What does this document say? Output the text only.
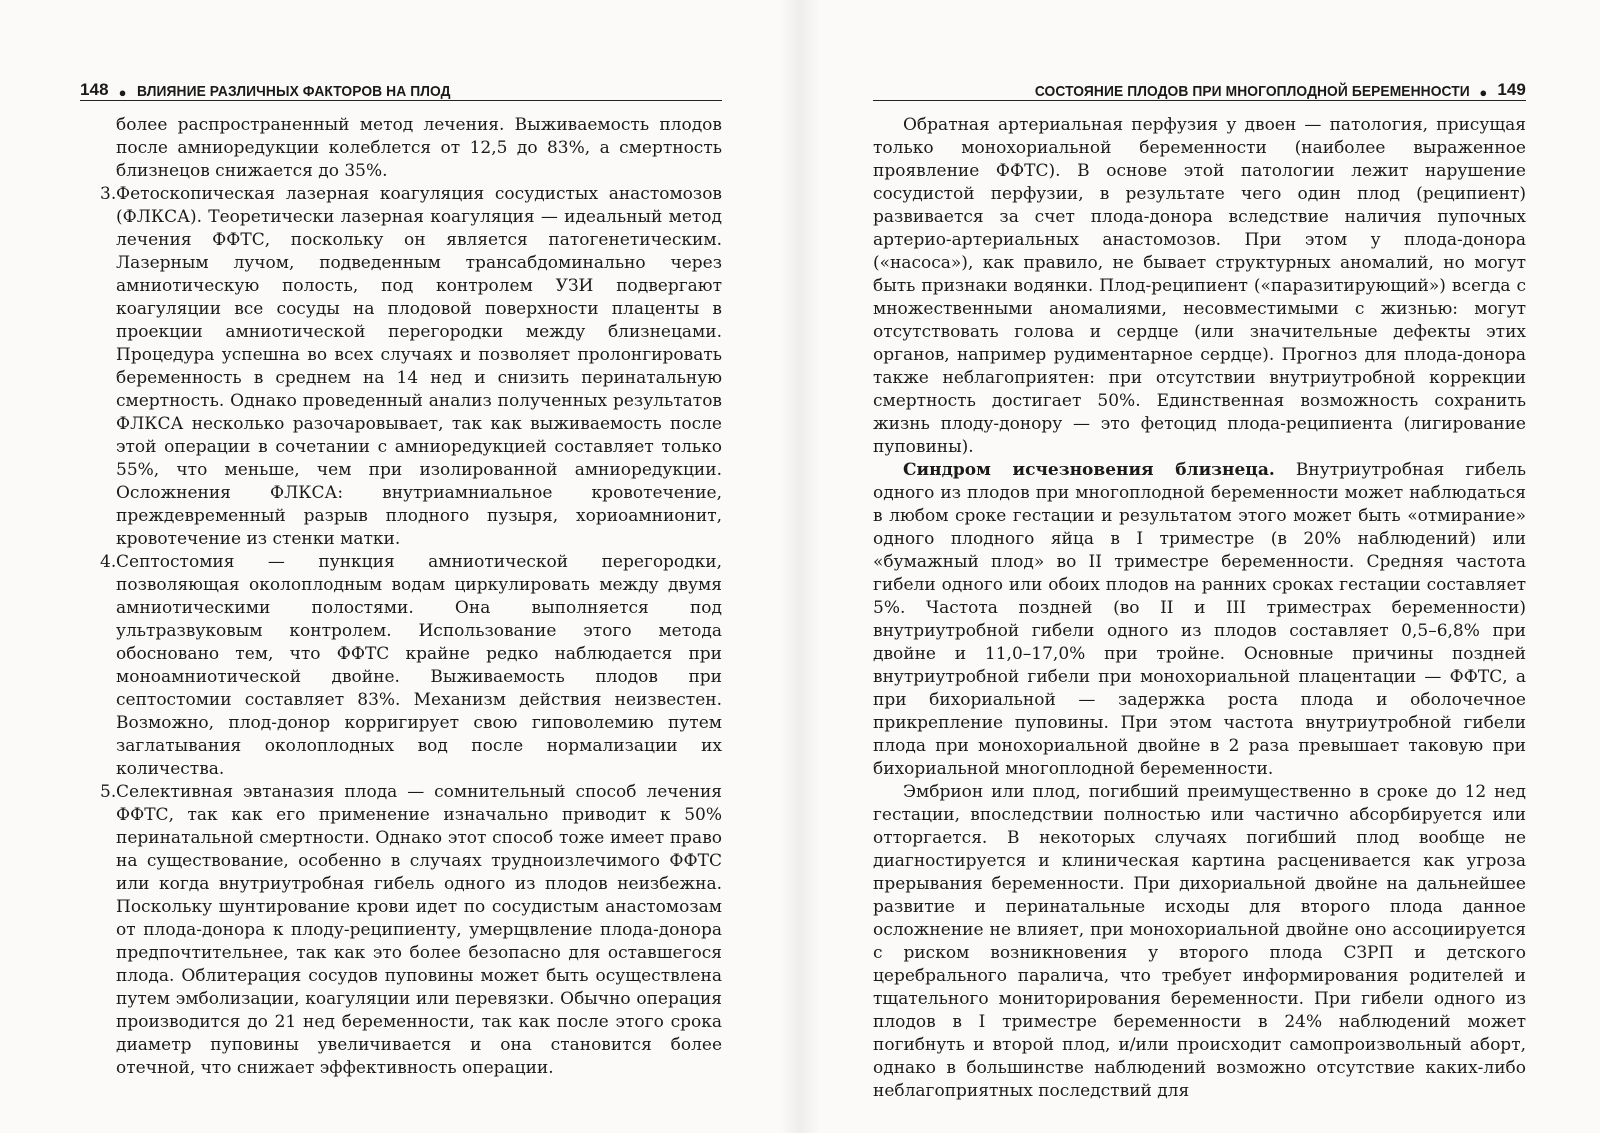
148 ● ВЛИЯНИЕ РАЗЛИЧНЫХ ФАКТОРОВ НА ПЛОД

более распространенный метод лечения. Выживаемость плодов после амниоредукции колеблется от 12,5 до 83%, а смертность близнецов снижается до 35%.

3. Фетоскопическая лазерная коагуляция сосудистых анастомозов (ФЛКСА). Теоретически лазерная коагуляция — идеальный метод лечения ФФТС, поскольку он является патогенетическим. Лазерным лучом, подведенным трансабдоминально через амниотическую полость, под контролем УЗИ подвергают коагуляции все сосуды на плодовой поверхности плаценты в проекции амниотической перегородки между близнецами. Процедура успешна во всех случаях и позволяет пролонгировать беременность в среднем на 14 нед и снизить перинатальную смертность. Однако проведенный анализ полученных результатов ФЛКСА несколько разочаровывает, так как выживаемость после этой операции в сочетании с амниоредукцией составляет только 55%, что меньше, чем при изолированной амниоредукции. Осложнения ФЛКСА: внутриамниальное кровотечение, преждевременный разрыв плодного пузыря, хориоамнионит, кровотечение из стенки матки.
4. Септостомия — пункция амниотической перегородки, позволяющая околоплодным водам циркулировать между двумя амниотическими полостями. Она выполняется под ультразвуковым контролем. Использование этого метода обосновано тем, что ФФТС крайне редко наблюдается при моноамниотической двойне. Выживаемость плодов при септостомии составляет 83%. Механизм действия неизвестен. Возможно, плод-донор корригирует свою гиповолемию путем заглатывания околоплодных вод после нормализации их количества.
5. Селективная эвтаназия плода — сомнительный способ лечения ФФТС, так как его применение изначально приводит к 50% перинатальной смертности. Однако этот способ тоже имеет право на существование, особенно в случаях трудноизлечимого ФФТС или когда внутриутробная гибель одного из плодов неизбежна. Поскольку шунтирование крови идет по сосудистым анастомозам от плода-донора к плоду-реципиенту, умерщвление плода-донора предпочтительнее, так как это более безопасно для оставшегося плода. Облитерация сосудов пуповины может быть осуществлена путем эмболизации, коагуляции или перевязки. Обычно операция производится до 21 нед беременности, так как после этого срока диаметр пуповины увеличивается и она становится более отечной, что снижает эффективность операции.
СОСТОЯНИЕ ПЛОДОВ ПРИ МНОГОПЛОДНОЙ БЕРЕМЕННОСТИ ● 149

Обратная артериальная перфузия у двоен — патология, присущая только монохориальной беременности (наиболее выраженное проявление ФФТС). В основе этой патологии лежит нарушение сосудистой перфузии, в результате чего один плод (реципиент) развивается за счет плода-донора вследствие наличия пупочных артерио-артериальных анастомозов. При этом у плода-донора («насоса»), как правило, не бывает структурных аномалий, но могут быть признаки водянки. Плод-реципиент («паразитирующий») всегда с множественными аномалиями, несовместимыми с жизнью: могут отсутствовать голова и сердце (или значительные дефекты этих органов, например рудиментарное сердце). Прогноз для плода-донора также неблагоприятен: при отсутствии внутриутробной коррекции смертность достигает 50%. Единственная возможность сохранить жизнь плоду-донору — это фетоцид плода-реципиента (лигирование пуповины).

Синдром исчезновения близнеца. Внутриутробная гибель одного из плодов при многоплодной беременности может наблюдаться в любом сроке гестации и результатом этого может быть «отмирание» одного плодного яйца в I триместре (в 20% наблюдений) или «бумажный плод» во II триместре беременности. Средняя частота гибели одного или обоих плодов на ранних сроках гестации составляет 5%. Частота поздней (во II и III триместрах беременности) внутриутробной гибели одного из плодов составляет 0,5–6,8% при двойне и 11,0–17,0% при тройне. Основные причины поздней внутриутробной гибели при монохориальной плацентации — ФФТС, а при бихориальной — задержка роста плода и оболочечное прикрепление пуповины. При этом частота внутриутробной гибели плода при монохориальной двойне в 2 раза превышает таковую при бихориальной многоплодной беременности.

Эмбрион или плод, погибший преимущественно в сроке до 12 нед гестации, впоследствии полностью или частично абсорбируется или отторгается. В некоторых случаях погибший плод вообще не диагностируется и клиническая картина расценивается как угроза прерывания беременности. При дихориальной двойне на дальнейшее развитие и перинатальные исходы для второго плода данное осложнение не влияет, при монохориальной двойне оно ассоциируется с риском возникновения у второго плода СЗРП и детского церебрального паралича, что требует информирования родителей и тщательного мониторирования беременности. При гибели одного из плодов в I триместре беременности в 24% наблюдений может погибнуть и второй плод, и/или происходит самопроизвольный аборт, однако в большинстве наблюдений возможно отсутствие каких-либо неблагоприятных последствий для
